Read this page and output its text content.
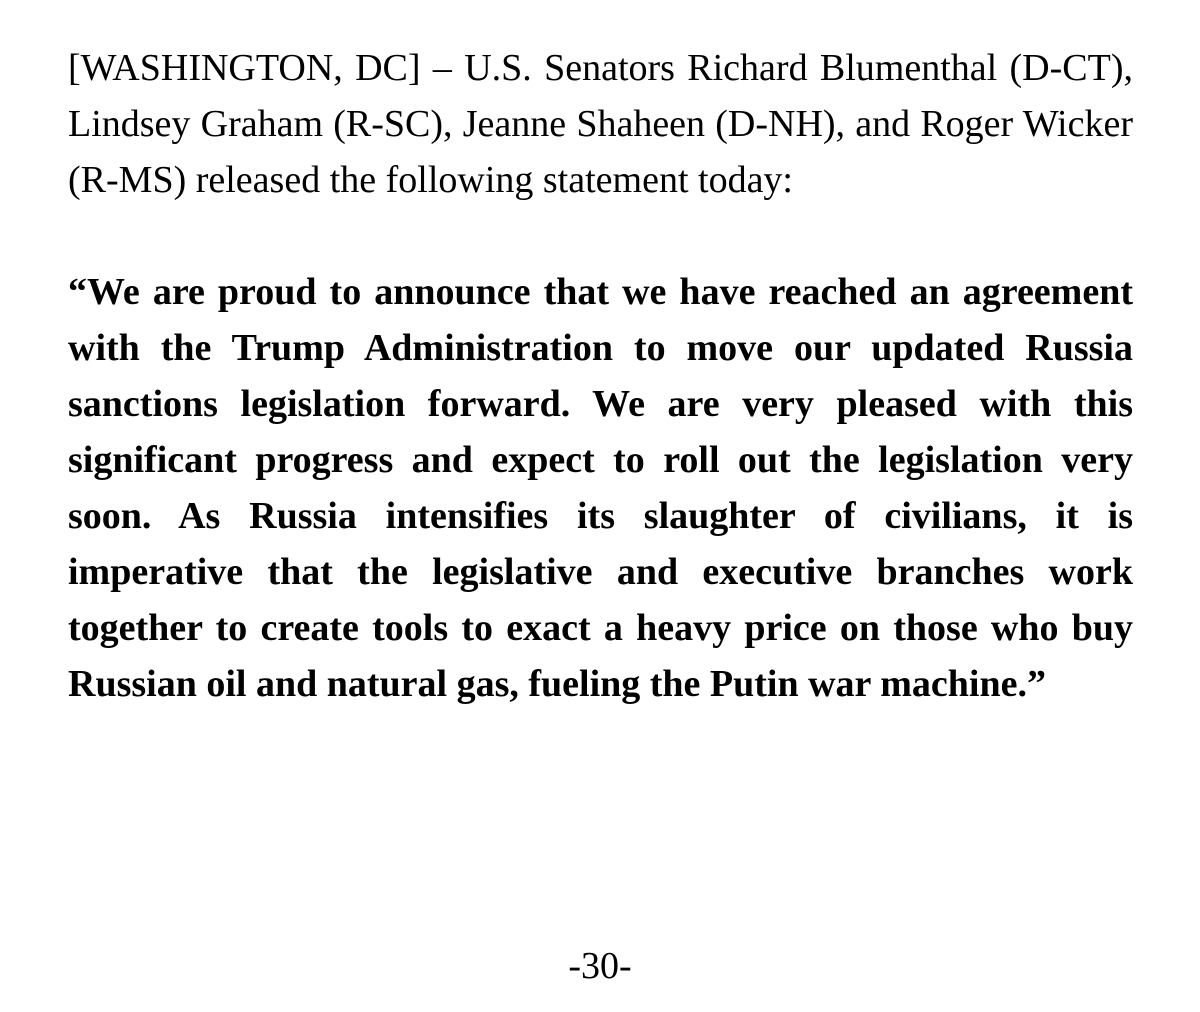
[WASHINGTON, DC] – U.S. Senators Richard Blumenthal (D-CT), Lindsey Graham (R-SC), Jeanne Shaheen (D-NH), and Roger Wicker (R-MS) released the following statement today:

“We are proud to announce that we have reached an agreement with the Trump Administration to move our updated Russia sanctions legislation forward. We are very pleased with this significant progress and expect to roll out the legislation very soon. As Russia intensifies its slaughter of civilians, it is imperative that the legislative and executive branches work together to create tools to exact a heavy price on those who buy Russian oil and natural gas, fueling the Putin war machine.”

-30-
